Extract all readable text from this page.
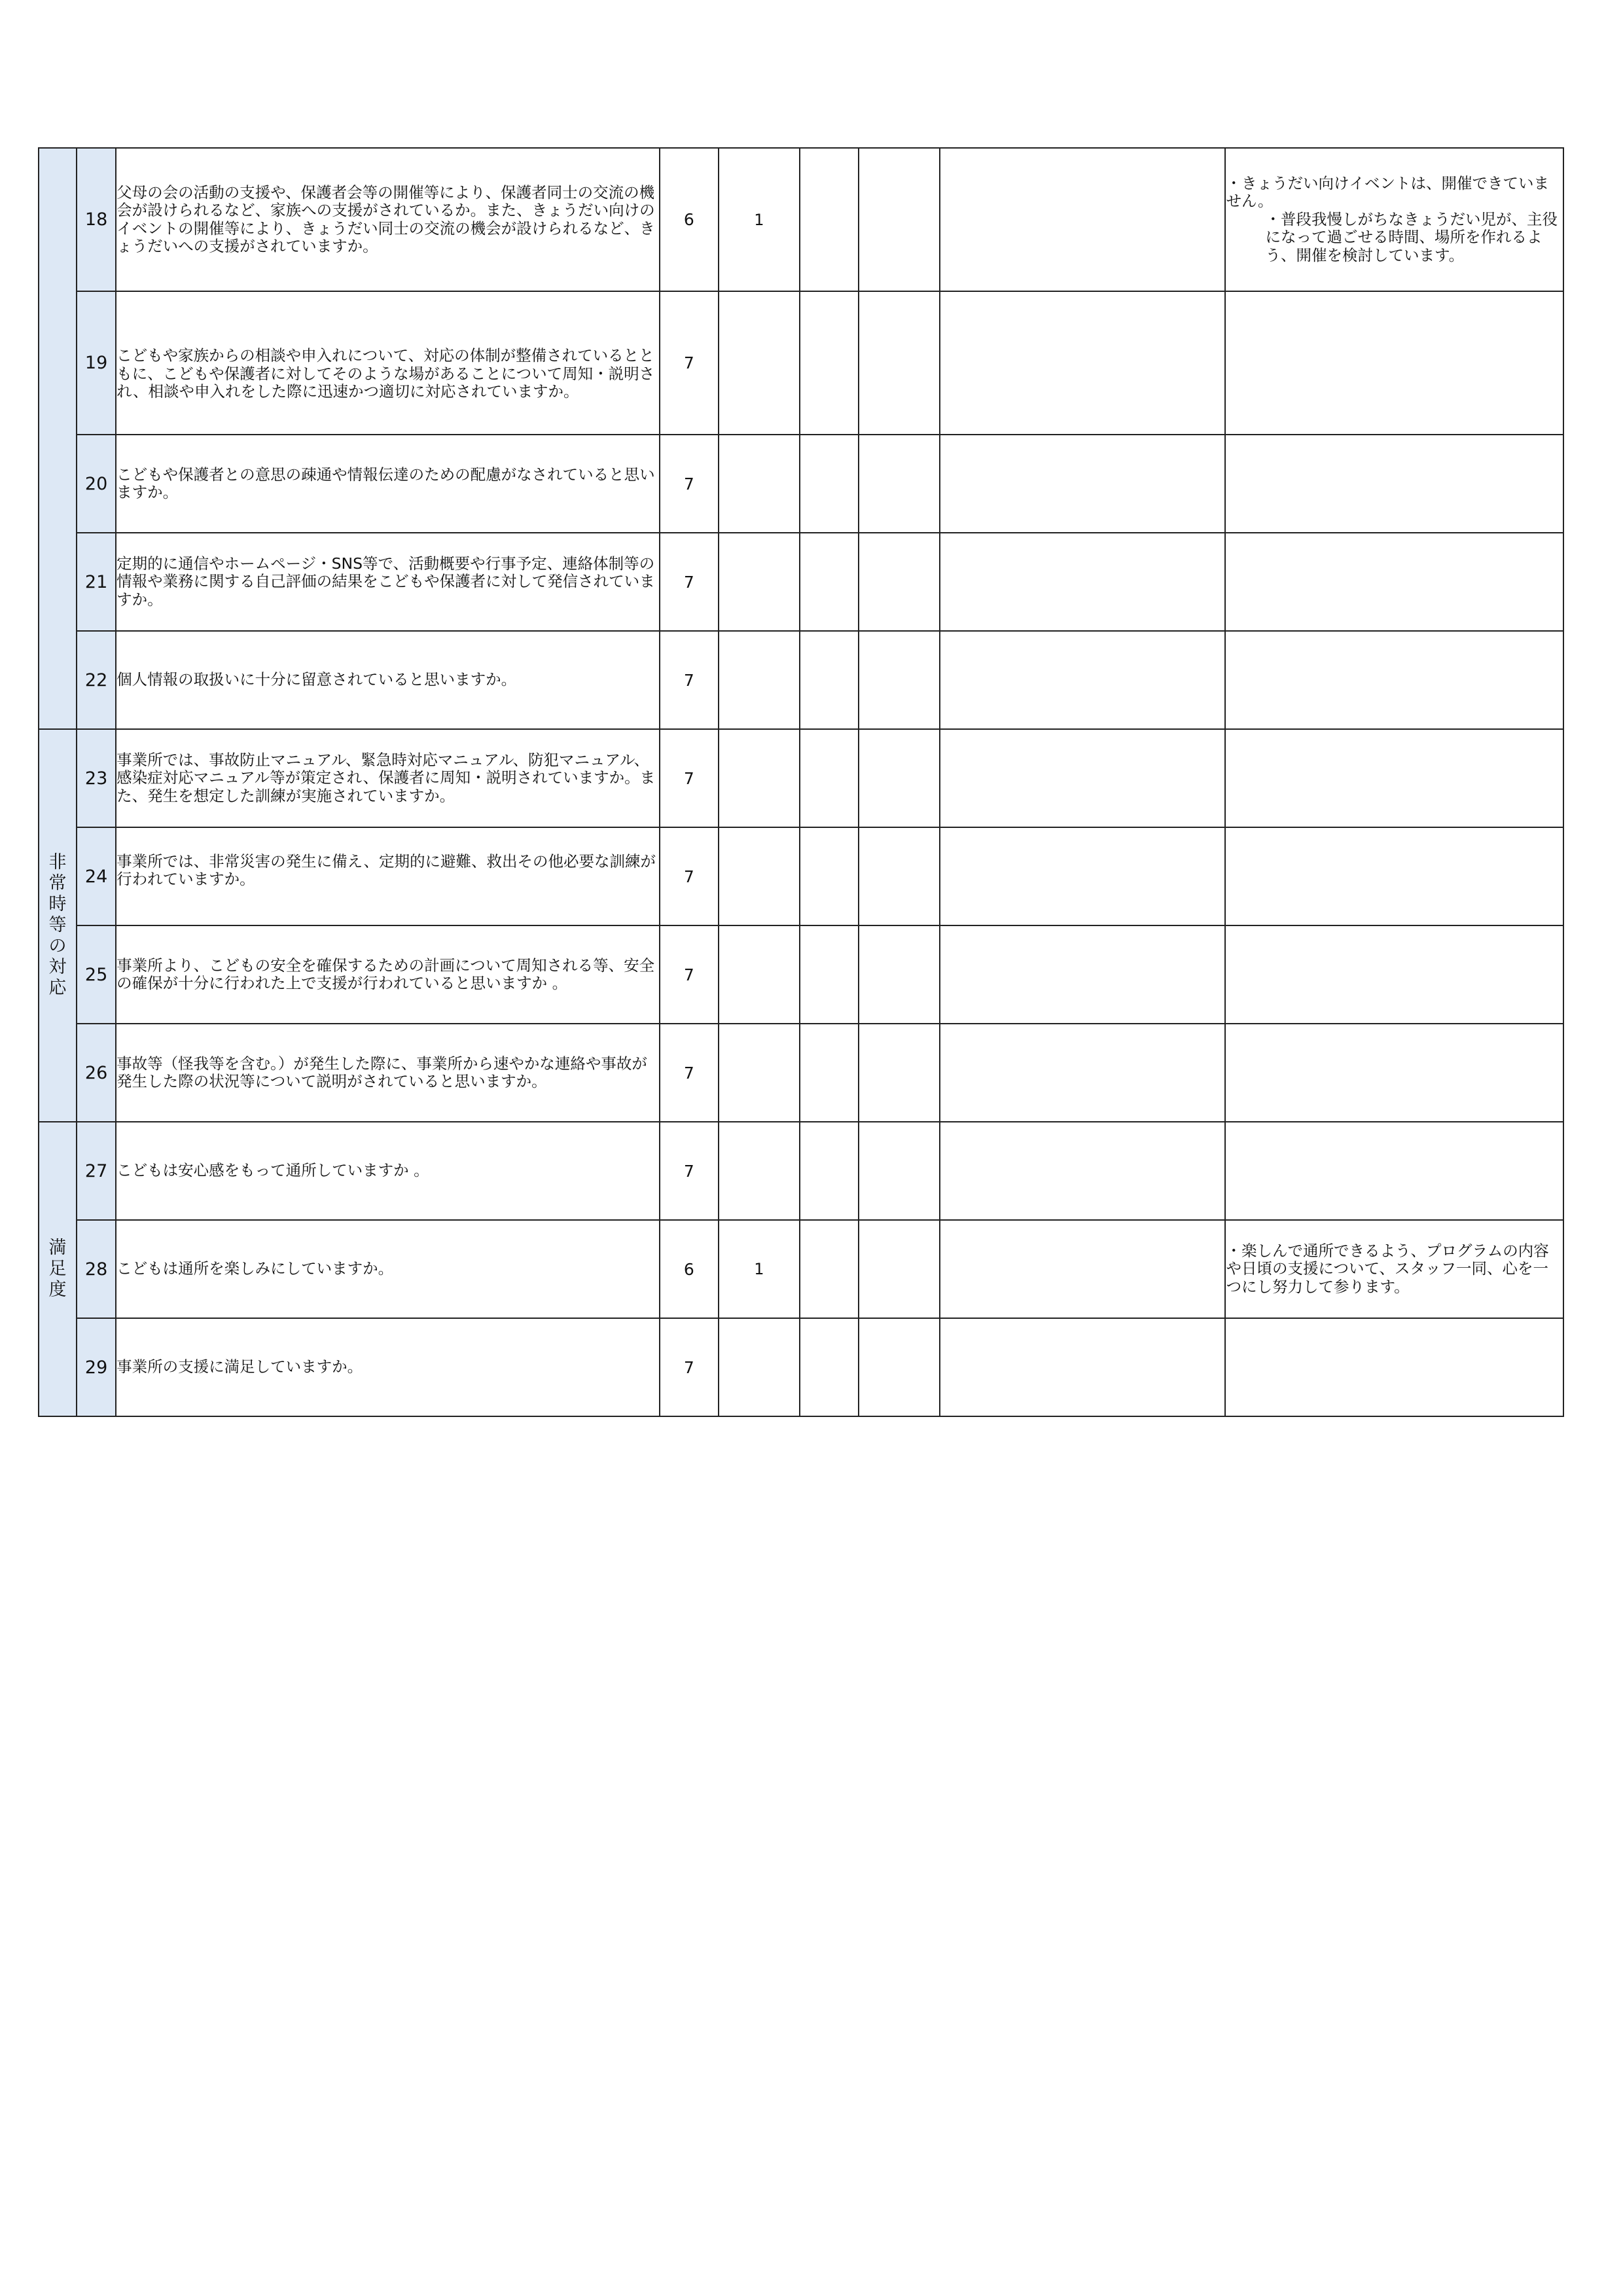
	18	父母の会の活動の支援や、保護者会等の開催等により、保護者同士の交流の機会が設けられるなど、家族への支援がされているか。また、きょうだい向けのイベントの開催等により、きょうだい同士の交流の機会が設けられるなど、きょうだいへの支援がされていますか。	6	1				・きょうだい向けイベントは、開催できていません。
・普段我慢しがちなきょうだい児が、主役になって過ごせる時間、場所を作れるよう、開催を検討しています。

	19	こどもや家族からの相談や申入れについて、対応の体制が整備されているとともに、こどもや保護者に対してそのような場があることについて周知・説明され、相談や申入れをした際に迅速かつ適切に対応されていますか。	7					
	20	こどもや保護者との意思の疎通や情報伝達のための配慮がなされていると思いますか。	7					
	21	定期的に通信やホームページ・SNS等で、活動概要や行事予定、連絡体制等の情報や業務に関する自己評価の結果をこどもや保護者に対して発信されていますか。	7					
	22	個人情報の取扱いに十分に留意されていると思いますか。	7					
非常時等の対応	23	事業所では、事故防止マニュアル、緊急時対応マニュアル、防犯マニュアル、感染症対応マニュアル等が策定され、保護者に周知・説明されていますか。また、発生を想定した訓練が実施されていますか。	7					
	24	事業所では、非常災害の発生に備え、定期的に避難、救出その他必要な訓練が行われていますか。	7					
	25	事業所より、こどもの安全を確保するための計画について周知される等、安全の確保が十分に行われた上で支援が行われていると思いますか 。	7					
	26	事故等（怪我等を含む。）が発生した際に、事業所から速やかな連絡や事故が発生した際の状況等について説明がされていると思いますか。	7					
満足度	27	こどもは安心感をもって通所していますか 。	7					
	28	こどもは通所を楽しみにしていますか。	6	1				・楽しんで通所できるよう、プログラムの内容や日頃の支援について、スタッフ一同、心を一つにし努力して参ります。
	29	事業所の支援に満足していますか。	7					
